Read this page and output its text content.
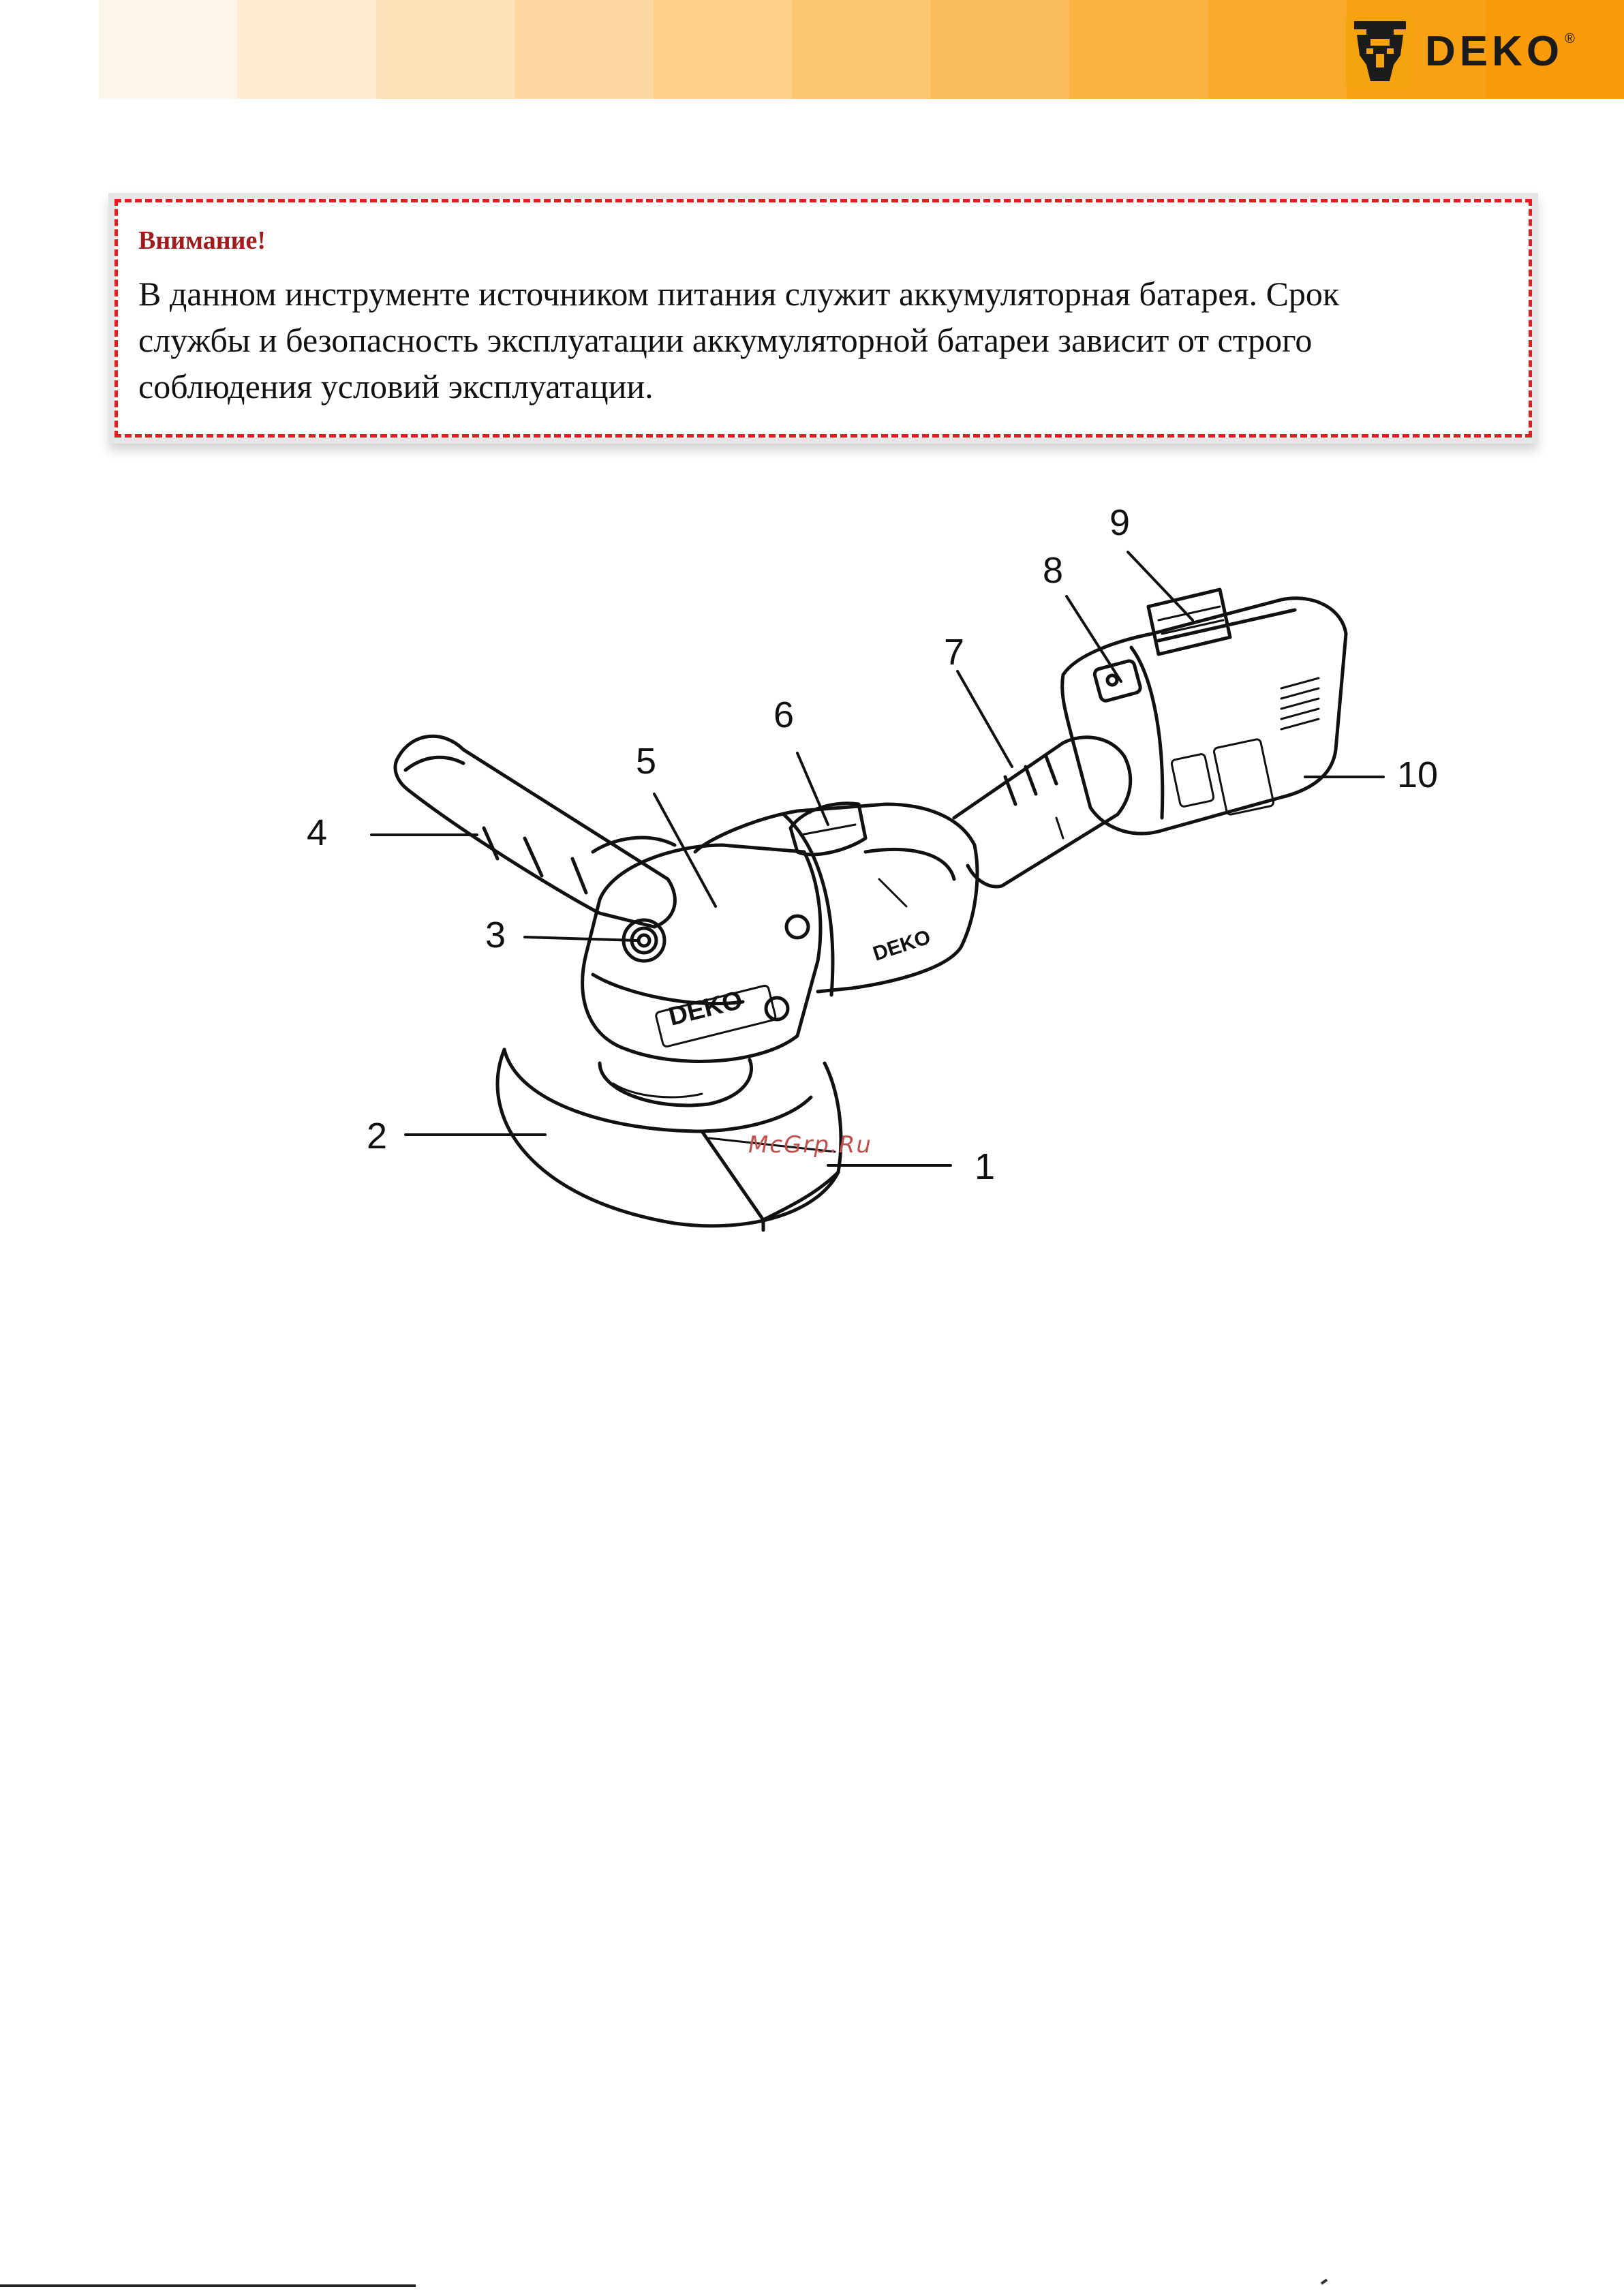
DEKO ®
Внимание!

В данном инструменте источником питания служит аккумуляторная батарея. Срок
службы и безопасность эксплуатации аккумуляторной батареи зависит от строго
соблюдения условий эксплуатации.

DEKO
DEKO
1
2
3
4
5
6
7
8
9
10
McGrp.Ru
